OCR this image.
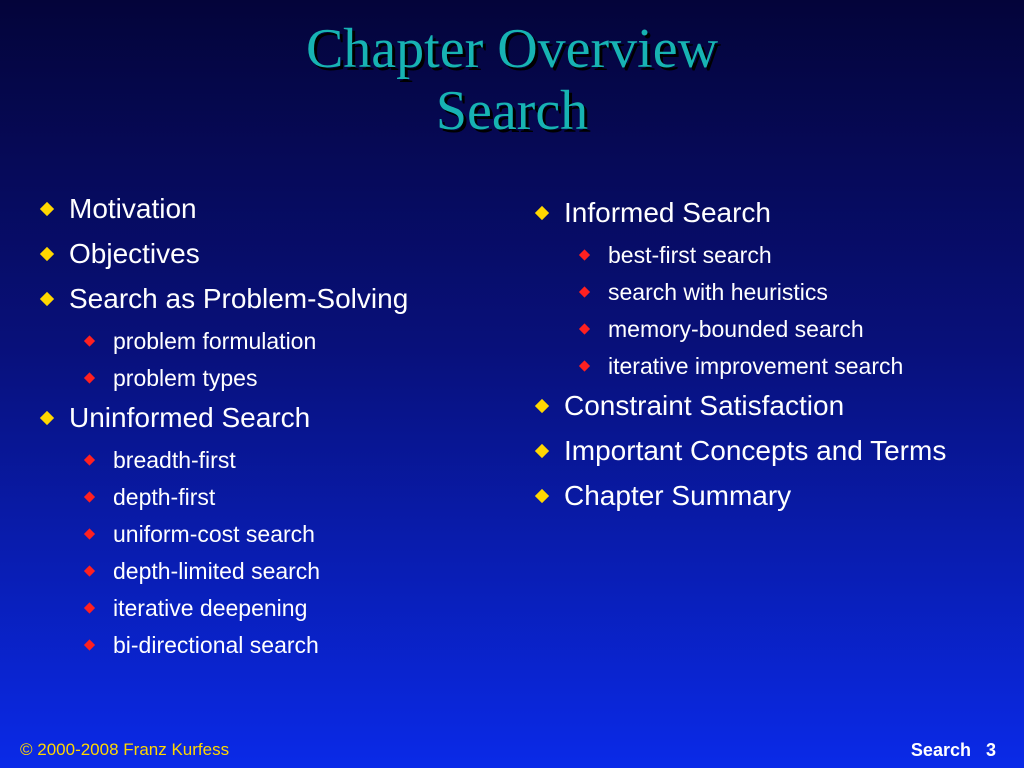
Chapter Overview
Search
Motivation
Objectives
Search as Problem-Solving
problem formulation
problem types
Uninformed Search
breadth-first
depth-first
uniform-cost search
depth-limited search
iterative deepening
bi-directional search
Informed Search
best-first search
search with heuristics
memory-bounded search
iterative improvement search
Constraint Satisfaction
Important Concepts and Terms
Chapter Summary
© 2000-2008 Franz Kurfess	Search 3
